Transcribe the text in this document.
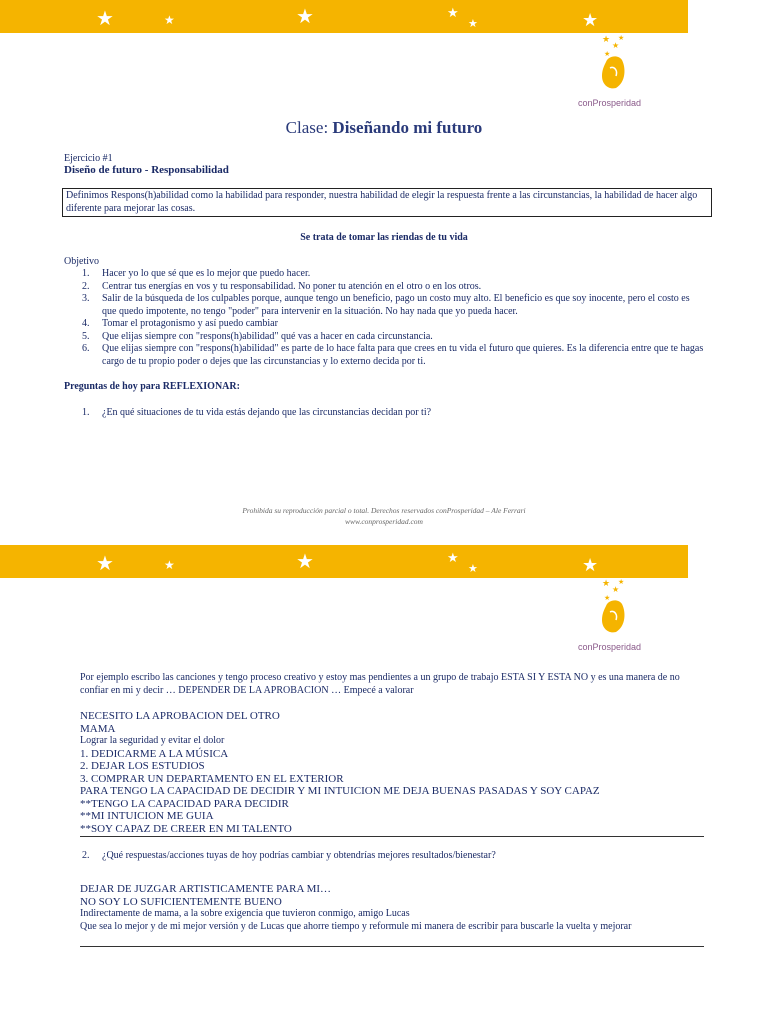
★	★	★	★
★	★
★
★
★
★
conProsperidad
Clase: Diseñando mi futuro
Ejercicio #1
Diseño de futuro - Responsabilidad
Definimos Respons(h)abilidad como la habilidad para responder, nuestra habilidad de elegir la respuesta frente a las circunstancias, la habilidad de hacer algo diferente para mejorar las cosas.
Se trata de tomar las riendas de tu vida
Objetivo
1. Hacer yo lo que sé que es lo mejor que puedo hacer.
2. Centrar tus energías en vos y tu responsabilidad. No poner tu atención en el otro o en los otros.
3. Salir de la búsqueda de los culpables porque, aunque tengo un beneficio, pago un costo muy alto. El beneficio es que soy inocente, pero el costo es que quedo impotente, no tengo "poder" para intervenir en la situación. No hay nada que yo pueda hacer.
4. Tomar el protagonismo y así puedo cambiar
5. Que elijas siempre con "respons(h)abilidad" qué vas a hacer en cada circunstancia.
6. Que elijas siempre con "respons(h)abilidad" es parte de lo hace falta para que crees en tu vida el futuro que quieres. Es la diferencia entre que te hagas cargo de tu propio poder o dejes que las circunstancias y lo externo decida por ti.
Preguntas de hoy para REFLEXIONAR:
1. ¿En qué situaciones de tu vida estás dejando que las circunstancias decidan por ti?
Prohibida su reproducción parcial o total. Derechos reservados conProsperidad – Ale Ferrari
www.conprosperidad.com
★	★	★	★
★	★
★
★
★
★
conProsperidad
Por ejemplo escribo las canciones y tengo proceso creativo y estoy mas pendientes a un grupo de trabajo ESTA SI Y ESTA NO y es una manera de no confiar en mi y decir … DEPENDER DE LA APROBACION … Empecé a valorar
NECESITO LA APROBACION DEL OTRO
MAMA
Lograr la seguridad y evitar el dolor
1. DEDICARME A LA MÚSICA
2. DEJAR LOS ESTUDIOS
3. COMPRAR UN DEPARTAMENTO EN EL EXTERIOR
PARA TENGO LA CAPACIDAD DE DECIDIR Y MI INTUICION ME DEJA BUENAS PASADAS Y SOY CAPAZ
**TENGO LA CAPACIDAD PARA DECIDIR
**MI INTUICION ME GUIA
**SOY CAPAZ DE CREER EN MI TALENTO
2. ¿Qué respuestas/acciones tuyas de hoy podrías cambiar y obtendrías mejores resultados/bienestar?
DEJAR DE JUZGAR ARTISTICAMENTE PARA MI…
NO SOY LO SUFICIENTEMENTE BUENO
Indirectamente de mama, a la sobre exigencia que tuvieron conmigo, amigo Lucas
Que sea lo mejor y de mi mejor versión y de Lucas que ahorre tiempo y reformule mi manera de escribir para buscarle la vuelta y mejorar
